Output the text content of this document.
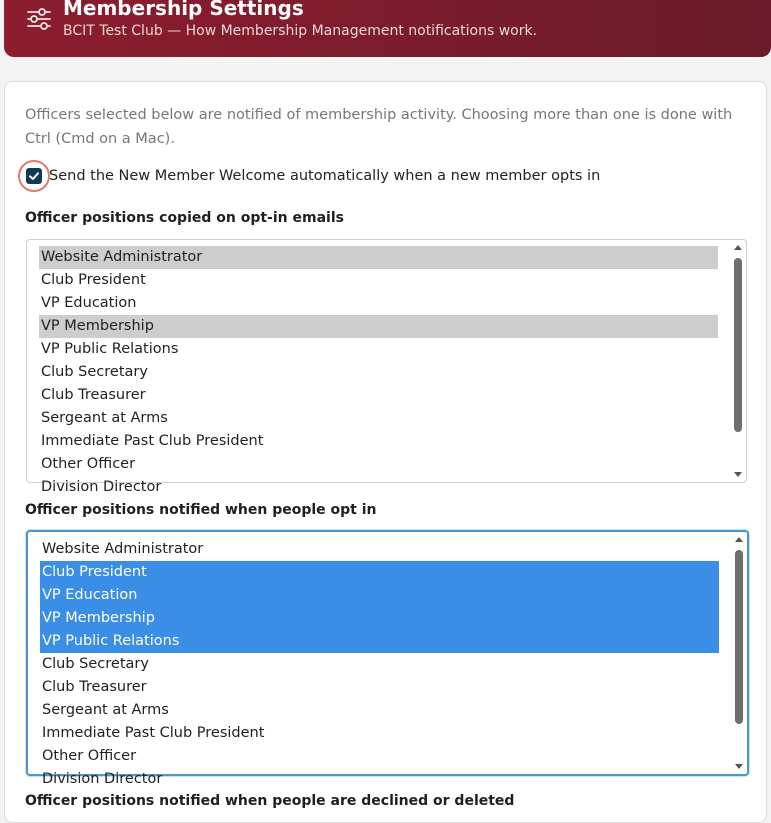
Membership Settings
BCIT Test Club — How Membership Management notifications work.
Officers selected below are notified of membership activity. Choosing more than one is done with Ctrl (Cmd on a Mac).
Send the New Member Welcome automatically when a new member opts in
Officer positions copied on opt-in emails
Website Administrator
Club President
VP Education
VP Membership
VP Public Relations
Club Secretary
Club Treasurer
Sergeant at Arms
Immediate Past Club President
Other Officer
Division Director
Officer positions notified when people opt in
Website Administrator
Club President
VP Education
VP Membership
VP Public Relations
Club Secretary
Club Treasurer
Sergeant at Arms
Immediate Past Club President
Other Officer
Division Director
Officer positions notified when people are declined or deleted
